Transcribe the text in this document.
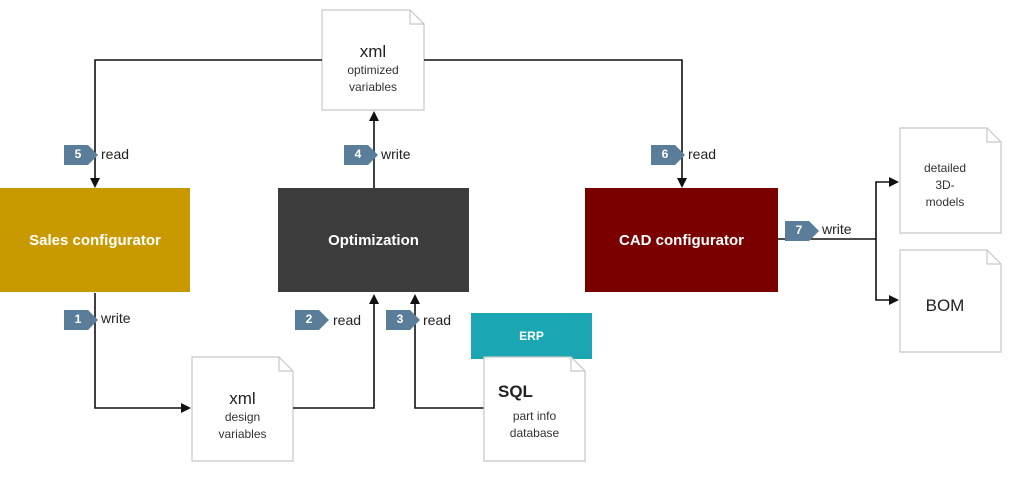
Sales configurator	Optimization	CAD configurator
ERP
xml
optimized
variables
xml
design
variables
SQL
part info
database
detailed
3D-
models
BOM
5	4	6
1	2	3
7
read	write	read
write	read	read
write
